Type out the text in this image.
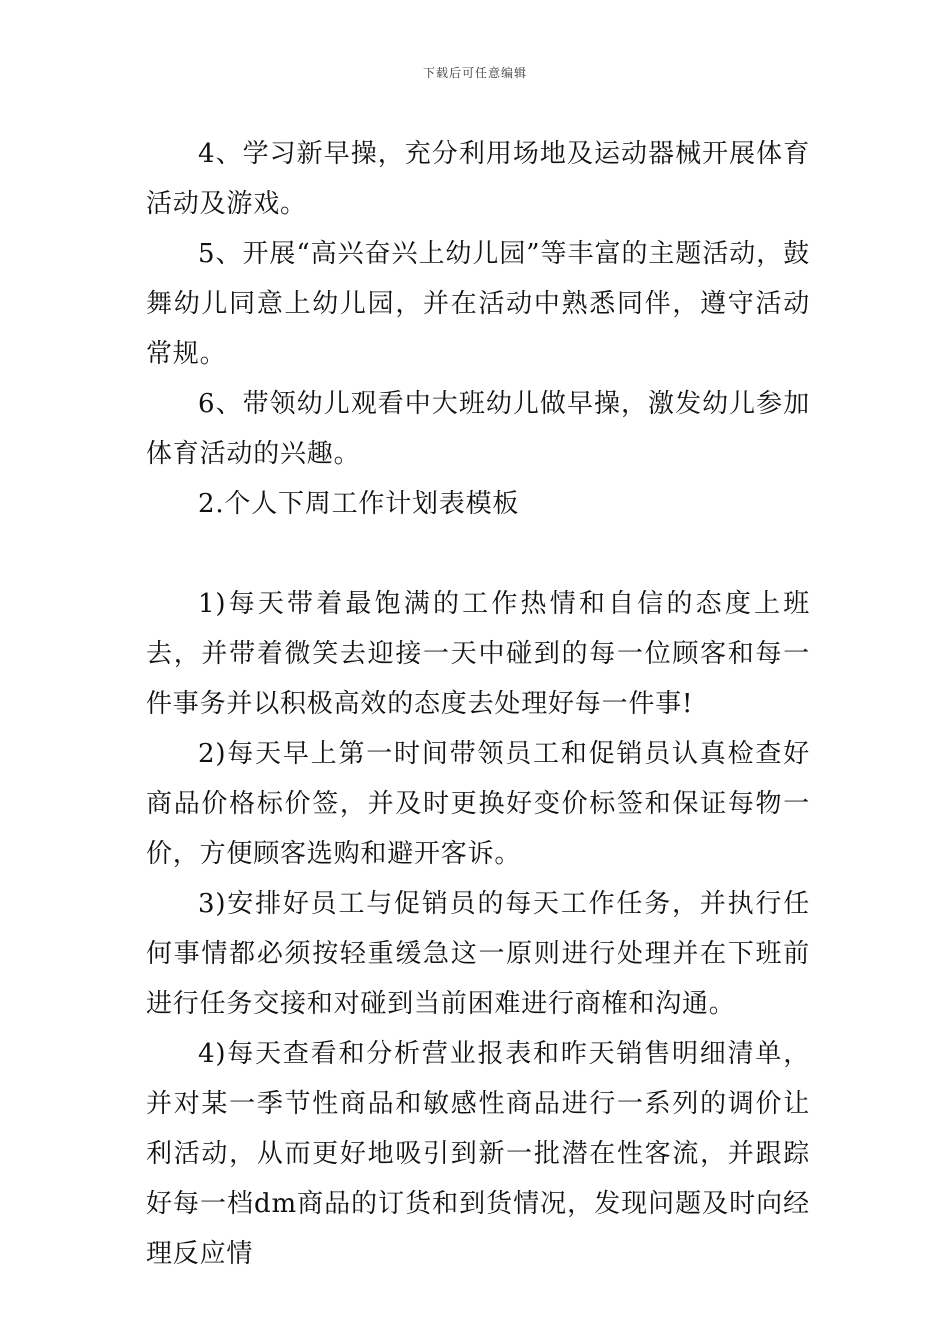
下载后可任意编辑

4、学习新早操，充分利用场地及运动器械开展体育活动及游戏。

5、开展“高兴奋兴上幼儿园”等丰富的主题活动，鼓舞幼儿同意上幼儿园，并在活动中熟悉同伴，遵守活动常规。

6、带领幼儿观看中大班幼儿做早操，激发幼儿参加体育活动的兴趣。

2.个人下周工作计划表模板

1)每天带着最饱满的工作热情和自信的态度上班去，并带着微笑去迎接一天中碰到的每一位顾客和每一件事务并以积极高效的态度去处理好每一件事!

2)每天早上第一时间带领员工和促销员认真检查好商品价格标价签，并及时更换好变价标签和保证每物一价，方便顾客选购和避开客诉。

3)安排好员工与促销员的每天工作任务，并执行任何事情都必须按轻重缓急这一原则进行处理并在下班前进行任务交接和对碰到当前困难进行商榷和沟通。

4)每天查看和分析营业报表和昨天销售明细清单，并对某一季节性商品和敏感性商品进行一系列的调价让利活动，从而更好地吸引到新一批潜在性客流，并跟踪好每一档dm商品的订货和到货情况，发现问题及时向经理反应情
